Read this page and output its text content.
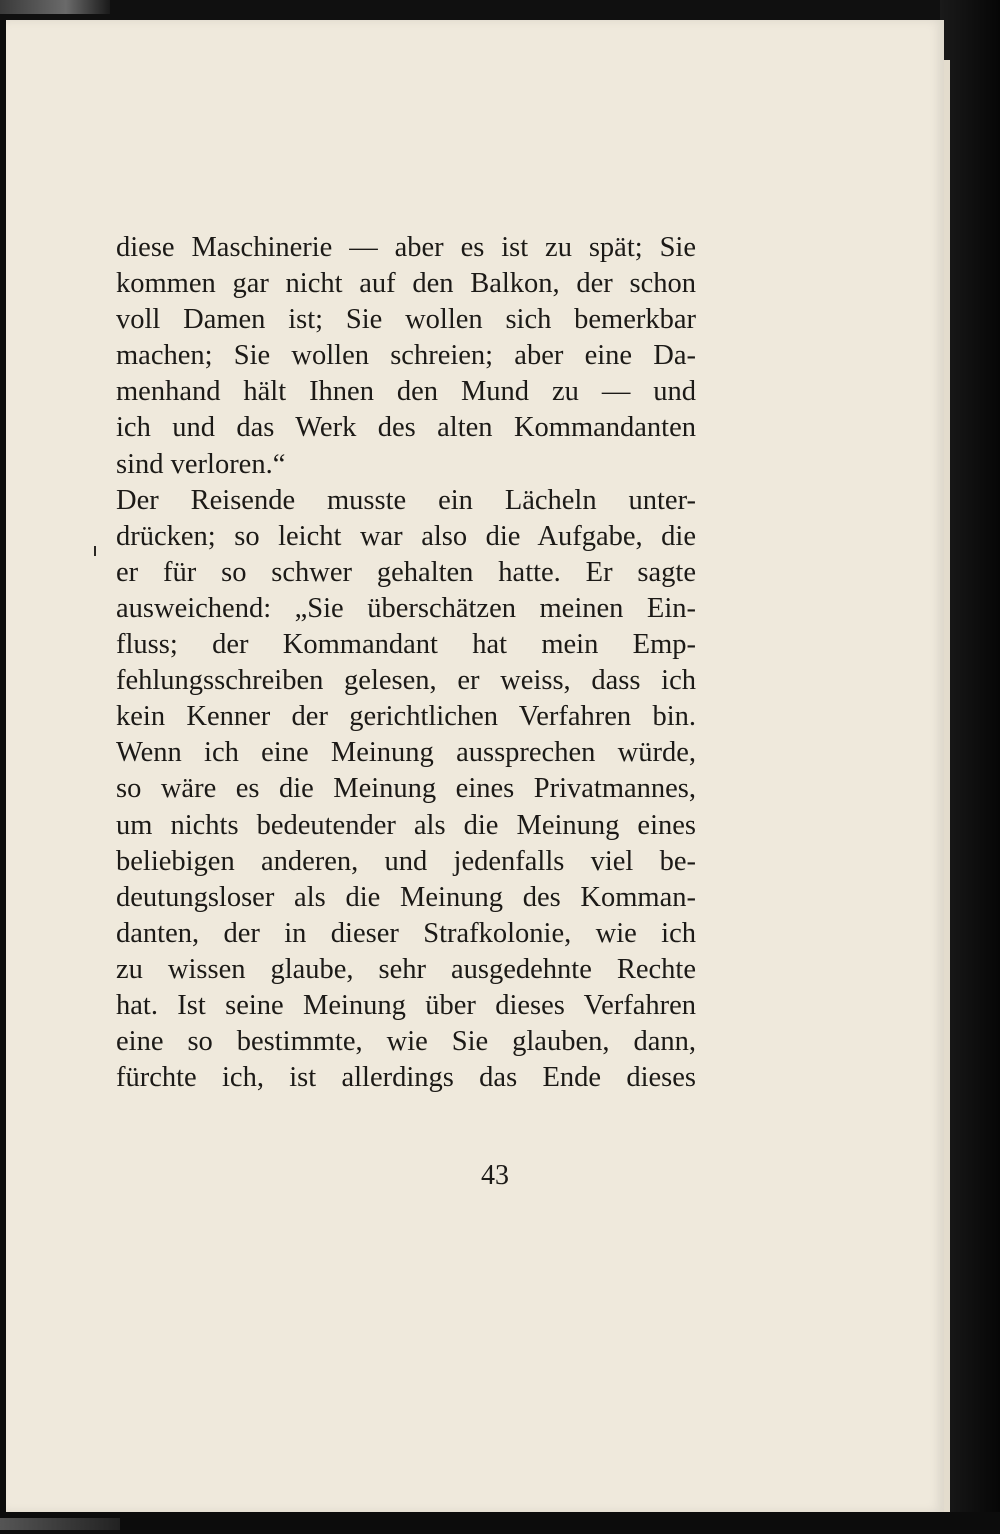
diese Maschinerie — aber es ist zu spät; Sie
kommen gar nicht auf den Balkon, der schon
voll Damen ist; Sie wollen sich bemerkbar
machen; Sie wollen schreien; aber eine Da-
menhand hält Ihnen den Mund zu — und
ich und das Werk des alten Kommandanten
sind verloren.“
Der Reisende musste ein Lächeln unter-
drücken; so leicht war also die Aufgabe, die
er für so schwer gehalten hatte. Er sagte
ausweichend: „Sie überschätzen meinen Ein-
fluss; der Kommandant hat mein Emp-
fehlungsschreiben gelesen, er weiss, dass ich
kein Kenner der gerichtlichen Verfahren bin.
Wenn ich eine Meinung aussprechen würde,
so wäre es die Meinung eines Privatmannes,
um nichts bedeutender als die Meinung eines
beliebigen anderen, und jedenfalls viel be-
deutungsloser als die Meinung des Komman-
danten, der in dieser Strafkolonie, wie ich
zu wissen glaube, sehr ausgedehnte Rechte
hat. Ist seine Meinung über dieses Verfahren
eine so bestimmte, wie Sie glauben, dann,
fürchte ich, ist allerdings das Ende dieses
43
